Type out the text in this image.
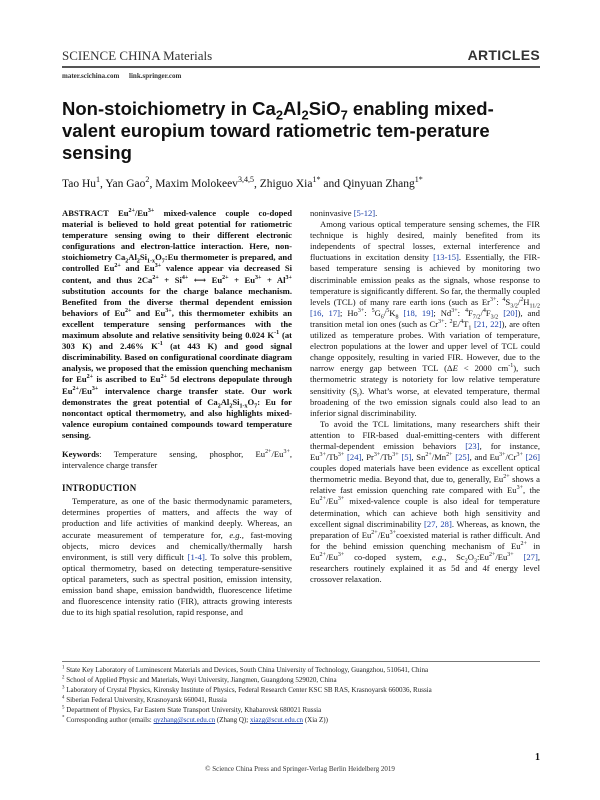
SCIENCE CHINA Materials	ARTICLES
mater.scichina.com link.springer.com
Non-stoichiometry in $Ca_2Al_2SiO_7$ enabling mixed-valent europium toward ratiometric tem-perature sensing
Tao Hu$^1$, Yan Gao$^2$, Maxim Molokeev$^{3,4,5}$, Zhiguo Xia$^{1*}$ and Qinyuan Zhang$^{1*}$

ABSTRACT $Eu^{2+}/Eu^{3+}$ mixed-valence couple co-doped material is believed to hold great potential for ratiometric temperature sensing owing to their different electronic configurations and electron-lattice interaction. Here, non-stoichiometry $Ca_2Al_2Si_{1-x}O_7:Eu$ thermometer is prepared, and controlled $Eu^{2+}$ and $Eu^{3+}$ valence appear via decreased Si content, and thus $2Ca^{2+} + Si^{4+}$ ⟷ $Eu^{2+} + Eu^{3+} + Al^{3+}$ substitution accounts for the charge balance mechanism. Benefited from the diverse thermal dependent emission behaviors of $Eu^{2+}$ and $Eu^{3+}$, this thermometer exhibits an excellent temperature sensing performances with the maximum absolute and relative sensitivity being 0.024 $K^{-1}$ (at 303 K) and 2.46% $K^{-1}$ (at 443 K) and good signal discriminability. Based on configurational coordinate diagram analysis, we proposed that the emission quenching mechanism for $Eu^{2+}$ is ascribed to $Eu^{2+}$ 5d electrons depopulate through $Eu^{2+}/Eu^{3+}$ intervalence charge transfer state. Our work demonstrates the great potential of $Ca_2Al_2Si_{1-x}O_7$: Eu for noncontact optical thermometry, and also highlights mixed-valence europium contained compounds toward temperature sensing.

Keywords: Temperature sensing, phosphor, $Eu^{2+}/Eu^{3+}$, intervalence charge transfer

INTRODUCTION

Temperature, as one of the basic thermodynamic parameters, determines properties of matters, and affects the way of production and life activities of mankind deeply. Whereas, an accurate measurement of temperature for, e.g., fast-moving objects, micro devices and chemically/thermally harsh environment, is still very difficult [1-4]. To solve this problem, optical thermometry, based on detecting temperature-sensitive optical parameters, such as spectral position, emission intensity, emission band shape, emission bandwidth, fluorescence lifetime and fluorescence intensity ratio (FIR), attracts growing interests due to its high spatial resolution, rapid response, and

noninvasive [5-12].

Among various optical temperature sensing schemes, the FIR technique is highly desired, mainly benefited from its independents of spectral losses, external interference and fluctuations in excitation density [13-15]. Essentially, the FIR-based temperature sensing is achieved by monitoring two discriminable emission peaks as the signals, whose response to temperature is significantly different. So far, the thermally coupled levels (TCL) of many rare earth ions (such as $Er^{3+}$: $^4S_{3/2}/^2H_{11/2}$ [16, 17]; $Ho^{3+}$: $^5G_6/^5K_8$ [18, 19]; $Nd^{3+}$: $^4F_{7/2}/^4F_{3/2}$ [20]), and transition metal ion ones (such as $Cr^{3+}$: $^2E/^4T_1$ [21, 22]), are often utilized as temperature probes. With variation of temperature, electron populations at the lower and upper level of TCL could change oppositely, resulting in varied FIR. However, due to the narrow energy gap between TCL (ΔE < 2000 $cm^{-1}$), such thermometric strategy is notoriety for low relative temperature sensitivity $(S_r)$. What’s worse, at elevated temperature, thermal broadening of the two emission signals could also lead to an inferior signal discriminability.

To avoid the TCL limitations, many researchers shift their attention to FIR-based dual-emitting-centers with different thermal-dependent emission behaviors [23], for instance, $Eu^{3+}/Tb^{3+}$ [24], $Pr^{3+}/Tb^{3+}$ [5], $Sn^{2+}/Mn^{2+}$ [25], and $Eu^{3+}/Cr^{3+}$ [26] couples doped materials have been evidence as excellent optical thermometric media. Beyond that, due to, generally, $Eu^{2+}$ shows a relative fast emission quenching rate compared with $Eu^{3+}$, the $Eu^{2+}/Eu^{3+}$ mixed-valence couple is also ideal for temperature determination, which can achieve both high sensitivity and excellent signal discriminability [27, 28]. Whereas, as known, the preparation of $Eu^{2+}/Eu^{3+}coexisted$ material is rather difficult. And for the behind emission quenching mechanism of $Eu^{2+}$ in $Eu^{2+}/Eu^{3+}$ co-doped system, e.g., $Sc_2O_3:Eu^{2+}/Eu^{3+}$ [27], researchers routinely explained it as 5d and 4f energy level crossover relaxation.

$^1$ State Key Laboratory of Luminescent Materials and Devices, South China University of Technology, Guangzhou, 510641, China
$^2$ School of Applied Physic and Materials, Wuyi University, Jiangmen, Guangdong 529020, China
$^3$ Laboratory of Crystal Physics, Kirensky Institute of Physics, Federal Research Center KSC SB RAS, Krasnoyarsk 660036, Russia
$^4$ Siberian Federal University, Krasnoyarsk 660041, Russia
$^5$ Department of Physics, Far Eastern State Transport University, Khabarovsk 680021 Russia
* Corresponding author (emails: qyzhang@scut.edu.cn (Zhang Q); xiazg@scut.edu.cn (Xia Z))
1
© Science China Press and Springer-Verlag Berlin Heidelberg 2019
